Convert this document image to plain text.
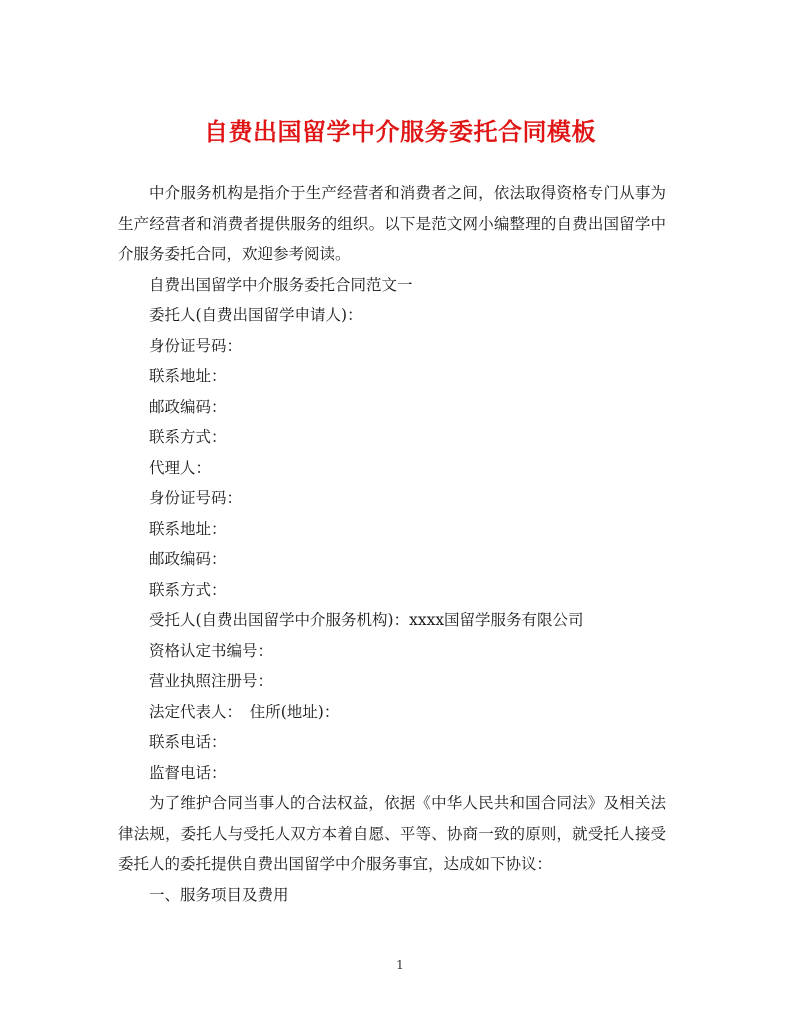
自费出国留学中介服务委托合同模板

中介服务机构是指介于生产经营者和消费者之间，依法取得资格专门从事为生产经营者和消费者提供服务的组织。以下是范文网小编整理的自费出国留学中介服务委托合同，欢迎参考阅读。

自费出国留学中介服务委托合同范文一

委托人(自费出国留学申请人)：

身份证号码：

联系地址：

邮政编码：

联系方式：

代理人：

身份证号码：

联系地址：

邮政编码：

联系方式：

受托人(自费出国留学中介服务机构)：xxxx国留学服务有限公司

资格认定书编号：

营业执照注册号：

法定代表人：　住所(地址)：

联系电话：

监督电话：

为了维护合同当事人的合法权益，依据《中华人民共和国合同法》及相关法律法规，委托人与受托人双方本着自愿、平等、协商一致的原则，就受托人接受委托人的委托提供自费出国留学中介服务事宜，达成如下协议：

一、服务项目及费用

1
